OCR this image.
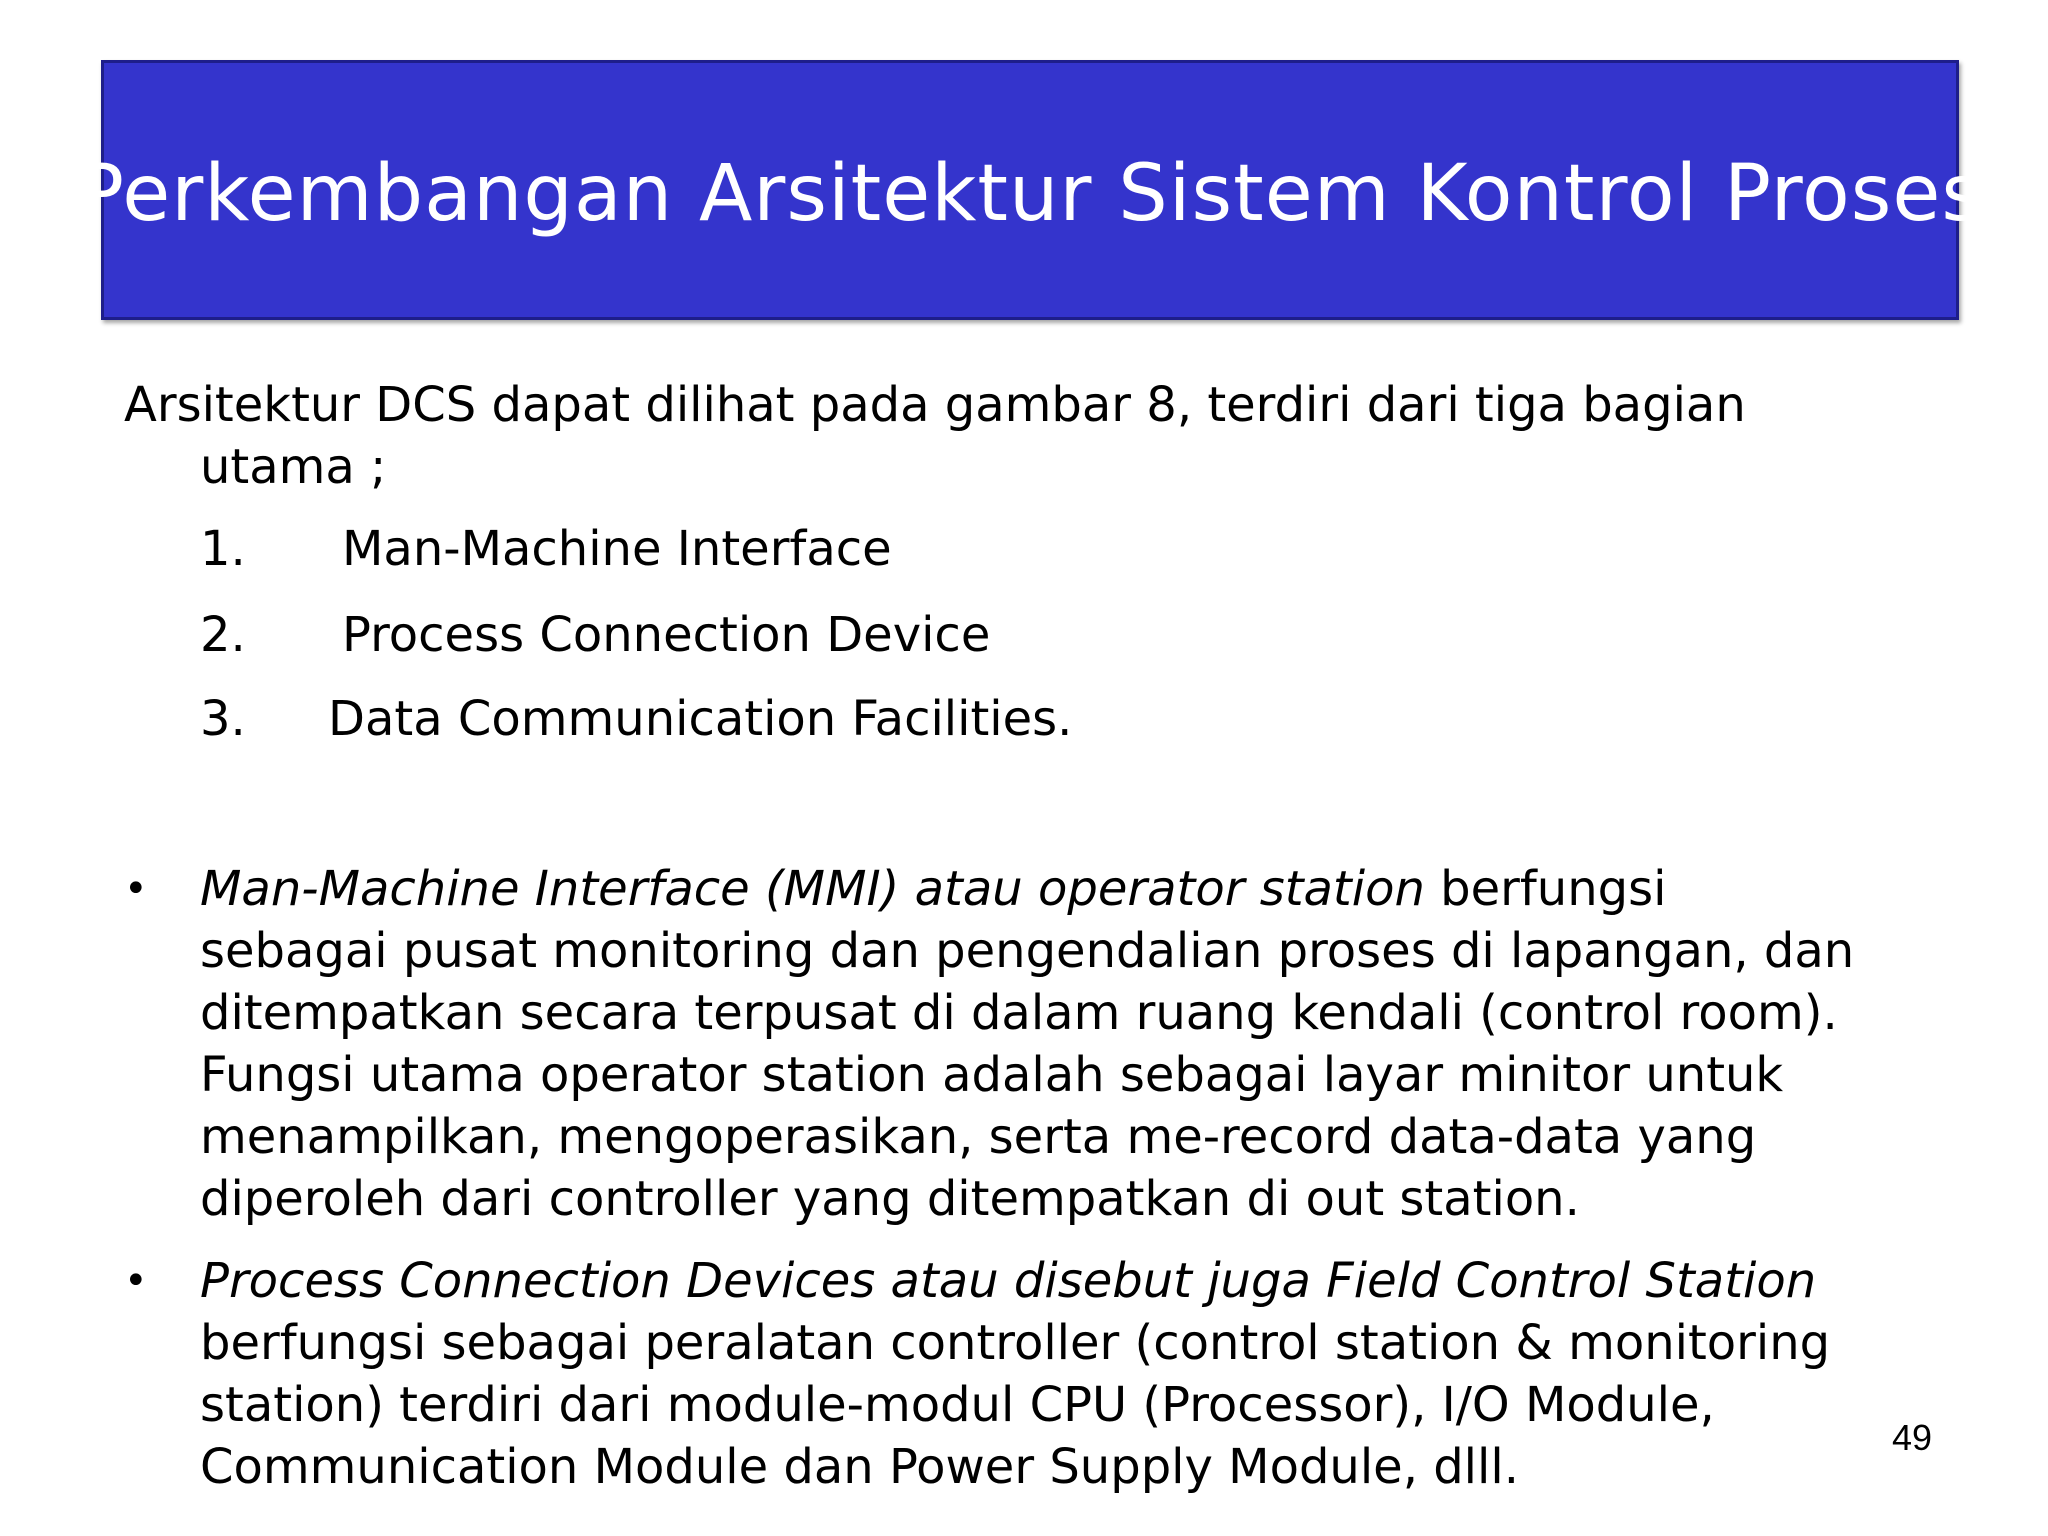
Perkembangan Arsitektur Sistem Kontrol Proses
Arsitektur DCS dapat dilihat pada gambar 8, terdiri dari tiga bagian
utama ;
1. Man-Machine Interface
2. Process Connection Device
3. Data Communication Facilities.
• Man-Machine Interface (MMI) atau operator station berfungsi
sebagai pusat monitoring dan pengendalian proses di lapangan, dan
ditempatkan secara terpusat di dalam ruang kendali (control room).
Fungsi utama operator station adalah sebagai layar minitor untuk
menampilkan, mengoperasikan, serta me-record data-data yang
diperoleh dari controller yang ditempatkan di out station.
• Process Connection Devices atau disebut juga Field Control Station
berfungsi sebagai peralatan controller (control station & monitoring
station) terdiri dari module-modul CPU (Processor), I/O Module,
Communication Module dan Power Supply Module, dlll.
49
